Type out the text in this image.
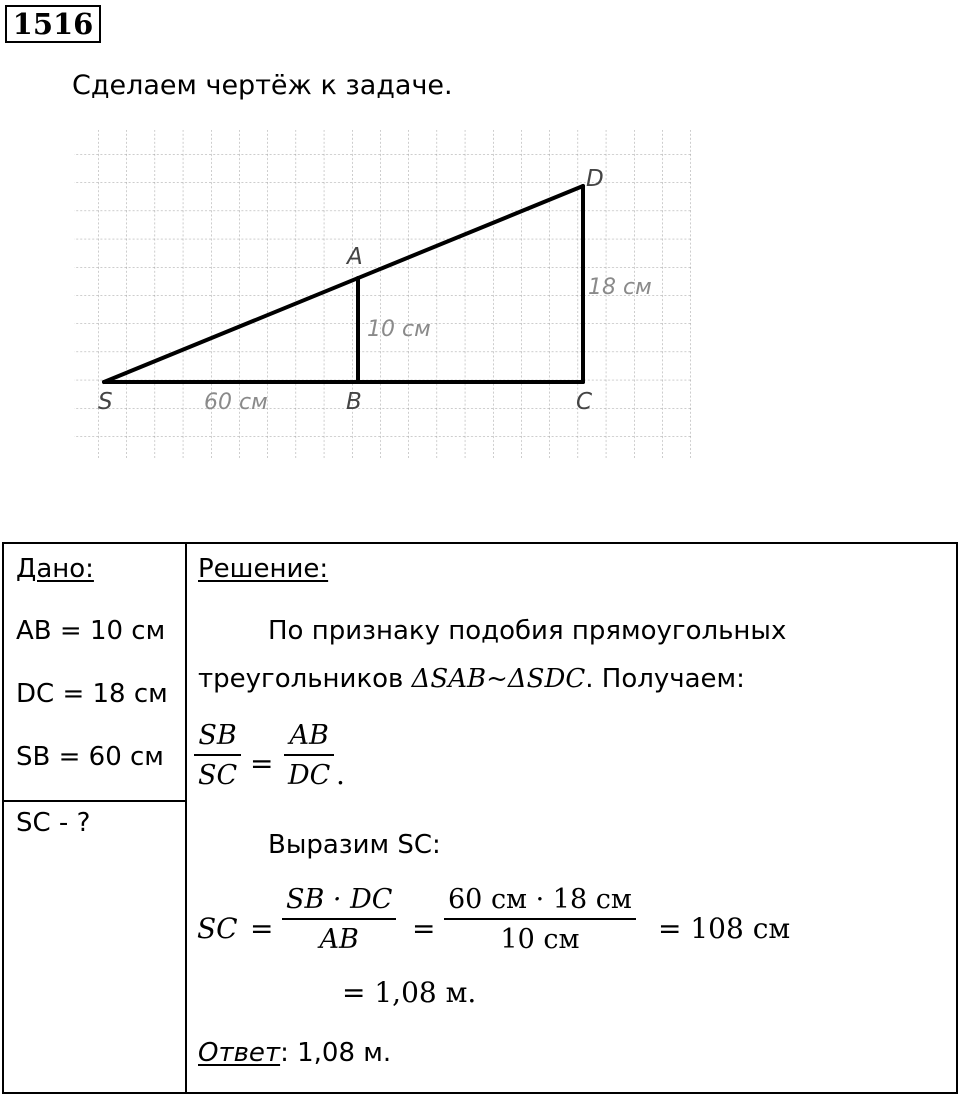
1516
Сделаем чертёж к задаче.
S	B	C
A
D
60 см
10 см
18 см
Дано:
AB = 10 см
DC = 18 см
SB = 60 см
SC - ?
Решение:
По признаку подобия прямоугольных
треугольников ΔSAB~ΔSDC. Получаем:
SB
SC =
AB
DC .
Выразим SC:
SC =
SB · DC
AB =
60 см · 18 см
10 см	= 108 см
= 1,08 м.
Ответ: 1,08 м.
